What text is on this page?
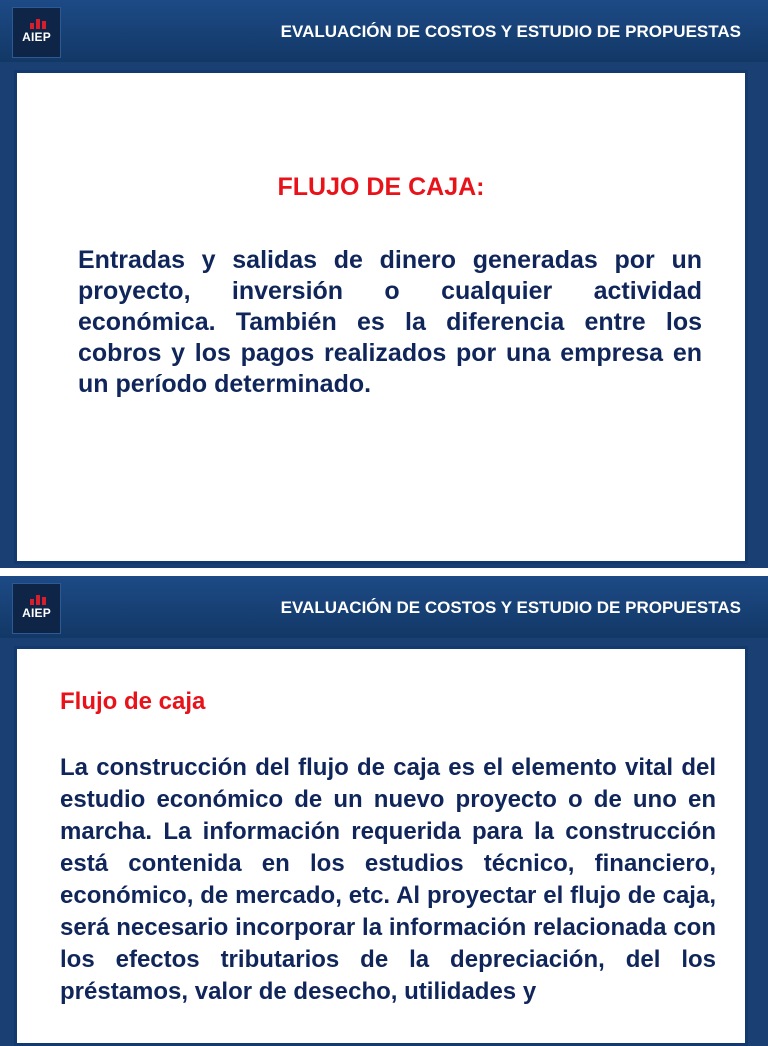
AIEP	EVALUACIÓN DE COSTOS Y ESTUDIO DE PROPUESTAS
FLUJO DE CAJA:
Entradas y salidas de dinero generadas por un proyecto, inversión o cualquier actividad económica. También es la diferencia entre los cobros y los pagos realizados por una empresa en un período determinado.
AIEP	EVALUACIÓN DE COSTOS Y ESTUDIO DE PROPUESTAS
Flujo de caja
La construcción del flujo de caja es el elemento vital del estudio económico de un nuevo proyecto o de uno en marcha. La información requerida para la construcción está contenida en los estudios técnico, financiero, económico, de mercado, etc. Al proyectar el flujo de caja, será necesario incorporar la información relacionada con los efectos tributarios de la depreciación, del los préstamos, valor de desecho, utilidades y
